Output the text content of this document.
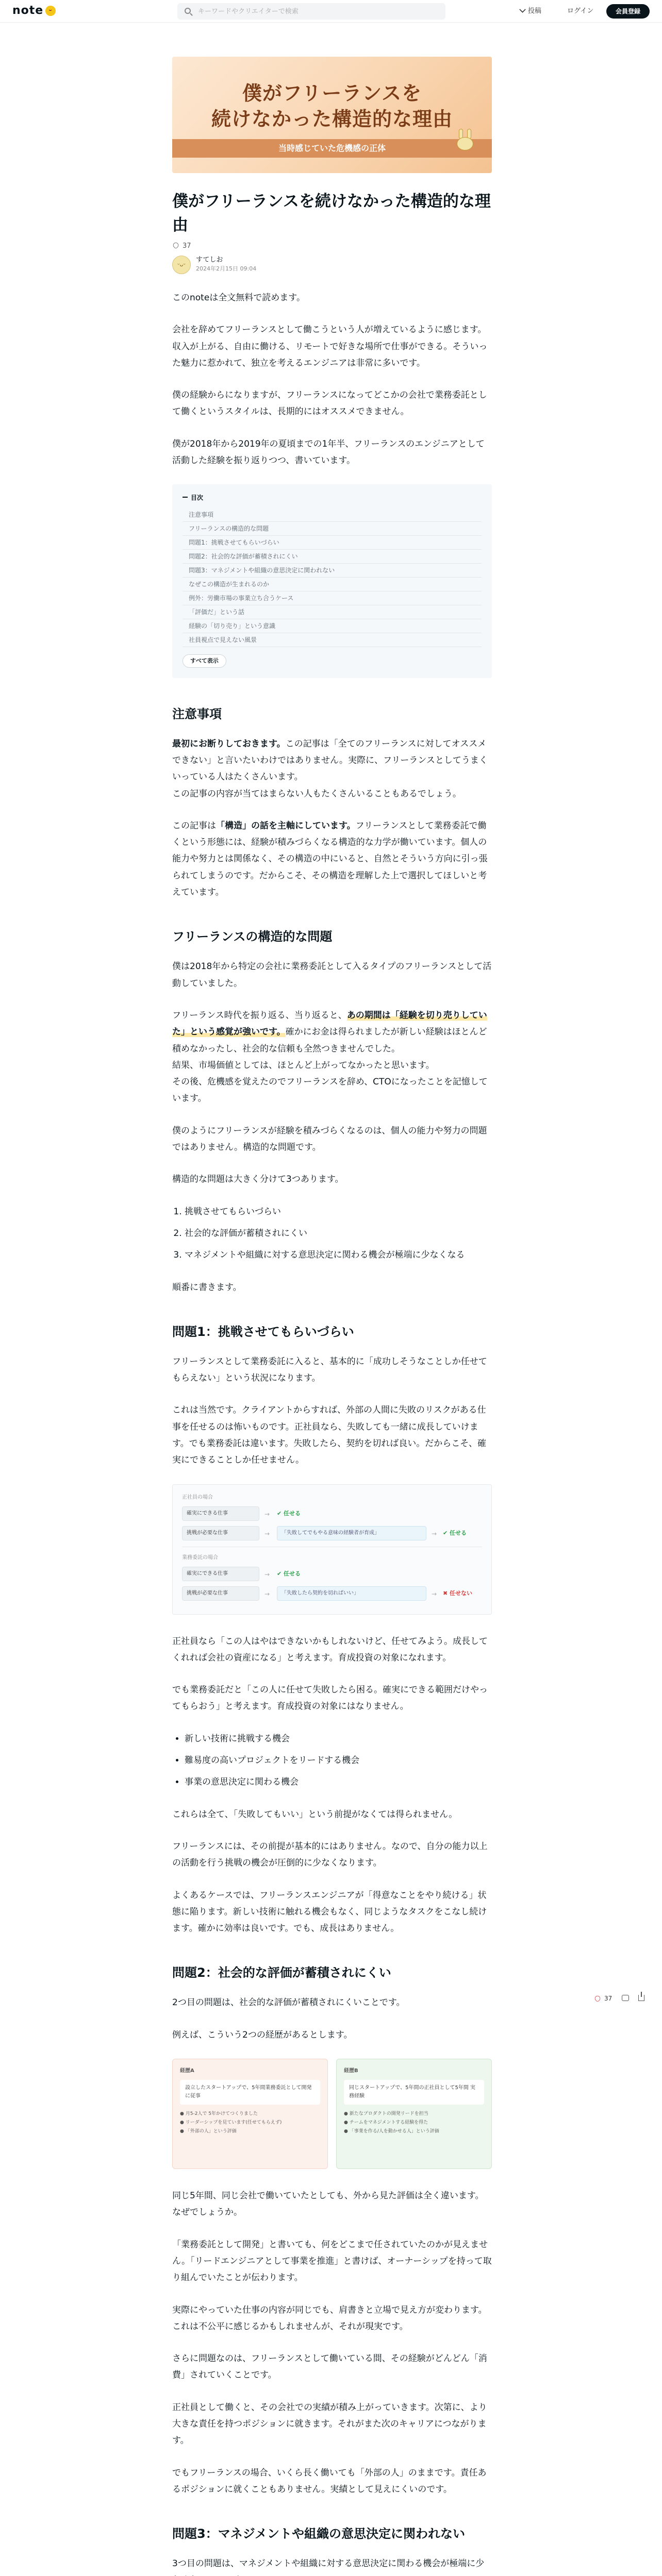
note ᵕ
キーワードやクリエイターで検索	投稿	ログイン	会員登録
僕がフリーランスを
続けなかった構造的な理由
当時感じていた危機感の正体
僕がフリーランスを続けなかった構造的な理由
37
ᵕᴗᵕ
すてしお
2024年2月15日 09:04

このnoteは全文無料で読めます。

会社を辞めてフリーランスとして働こうという人が増えているように感じます。収入が上がる、自由に働ける、リモートで好きな場所で仕事ができる。そういった魅力に惹かれて、独立を考えるエンジニアは非常に多いです。

僕の経験からになりますが、フリーランスになってどこかの会社で業務委託として働くというスタイルは、長期的にはオススメできません。

僕が2018年から2019年の夏頃までの1年半、フリーランスのエンジニアとして活動した経験を振り返りつつ、書いています。

目次
注意事項
フリーランスの構造的な問題
問題1：挑戦させてもらいづらい
問題2：社会的な評価が蓄積されにくい
問題3：マネジメントや組織の意思決定に関われない
なぜこの構造が生まれるのか
例外：労働市場の事業立ち合うケース
「評価だ」という話
経験の「切り売り」という意識
社員視点で見えない風景
すべて表示
注意事項

最初にお断りしておきます。この記事は「全てのフリーランスに対してオススメできない」と言いたいわけではありません。実際に、フリーランスとしてうまくいっている人はたくさんいます。
この記事の内容が当てはまらない人もたくさんいることもあるでしょう。

この記事は「構造」の話を主軸にしています。フリーランスとして業務委託で働くという形態には、経験が積みづらくなる構造的な力学が働いています。個人の能力や努力とは関係なく、その構造の中にいると、自然とそういう方向に引っ張られてしまうのです。だからこそ、その構造を理解した上で選択してほしいと考えています。

フリーランスの構造的な問題

僕は2018年から特定の会社に業務委託として入るタイプのフリーランスとして活動していました。

フリーランス時代を振り返る、当り返ると、あの期間は「経験を切り売りしていた」という感覚が強いです。確かにお金は得られましたが新しい経験はほとんど積めなかったし、社会的な信頼も全然つきませんでした。
結果、市場価値としては、ほとんど上がってなかったと思います。
その後、危機感を覚えたのでフリーランスを辞め、CTOになったことを記憶しています。

僕のようにフリーランスが経験を積みづらくなるのは、個人の能力や努力の問題ではありません。構造的な問題です。

構造的な問題は大きく分けて3つあります。

1. 挑戦させてもらいづらい
2. 社会的な評価が蓄積されにくい
3. マネジメントや組織に対する意思決定に関わる機会が極端に少なくなる

順番に書きます。

問題1：挑戦させてもらいづらい

フリーランスとして業務委託に入ると、基本的に「成功しそうなことしか任せてもらえない」という状況になります。

これは当然です。クライアントからすれば、外部の人間に失敗のリスクがある仕事を任せるのは怖いものです。正社員なら、失敗しても一緒に成長していけます。でも業務委託は違います。失敗したら、契約を切れば良い。だからこそ、確実にできることしか任せません。

正社員の場合
確実にできる仕事	→ ✔ 任せる
挑戦が必要な仕事	→	「失敗してでもやる意味の経験者が育成」	→ ✔ 任せる
業務委託の場合
確実にできる仕事	→ ✔ 任せる
挑戦が必要な仕事	→	「失敗したら契約を切ればいい」	→ ✖ 任せない

正社員なら「この人はやはできないかもしれないけど、任せてみよう。成長してくれれば会社の資産になる」と考えます。育成投資の対象になれます。

でも業務委託だと「この人に任せて失敗したら困る。確実にできる範囲だけやってもらおう」と考えます。育成投資の対象にはなりません。

• 新しい技術に挑戦する機会
• 難易度の高いプロジェクトをリードする機会
• 事業の意思決定に関わる機会

これらは全て、「失敗してもいい」という前提がなくては得られません。

フリーランスには、その前提が基本的にはありません。なので、自分の能力以上の活動を行う挑戦の機会が圧倒的に少なくなります。

よくあるケースでは、フリーランスエンジニアが「得意なことをやり続ける」状態に陥ります。新しい技術に触れる機会もなく、同じようなタスクをこなし続けます。確かに効率は良いです。でも、成長はありません。

問題2：社会的な評価が蓄積されにくい

2つ目の問題は、社会的な評価が蓄積されにくいことです。

例えば、こういう2つの経歴があるとします。

経歴A
設立したスタートアップで、5年間業務委託として開発に従事
● 月5-2人で 5年かけてつくりました
● リーダーシップを見ています(任せてもらえず)
● 「外部の人」という評価
経歴B
同じスタートアップで、5年間の正社員として5年間 実務経験
● 新たなプロダクトの開発リードを担当
● チームをマネジメントする経験を得た
● 「事業を作る/人を動かせる人」という評価

同じ5年間、同じ会社で働いていたとしても、外から見た評価は全く違います。なぜでしょうか。

「業務委託として開発」と書いても、何をどこまで任されていたのかが見えません。「リードエンジニアとして事業を推進」と書けば、オーナーシップを持って取り組んでいたことが伝わります。

実際にやっていた仕事の内容が同じでも、肩書きと立場で見え方が変わります。これは不公平に感じるかもしれませんが、それが現実です。

さらに問題なのは、フリーランスとして働いている間、その経験がどんどん「消費」されていくことです。

正社員として働くと、その会社での実績が積み上がっていきます。次第に、より大きな責任を持つポジションに就きます。それがまた次のキャリアにつながります。

でもフリーランスの場合、いくら長く働いても「外部の人」のままです。責任あるポジションに就くこともありません。実績として見えにくいのです。

問題3：マネジメントや組織の意思決定に関われない

3つ目の問題は、マネジメントや組織に対する意思決定に関わる機会が極端に少

37
